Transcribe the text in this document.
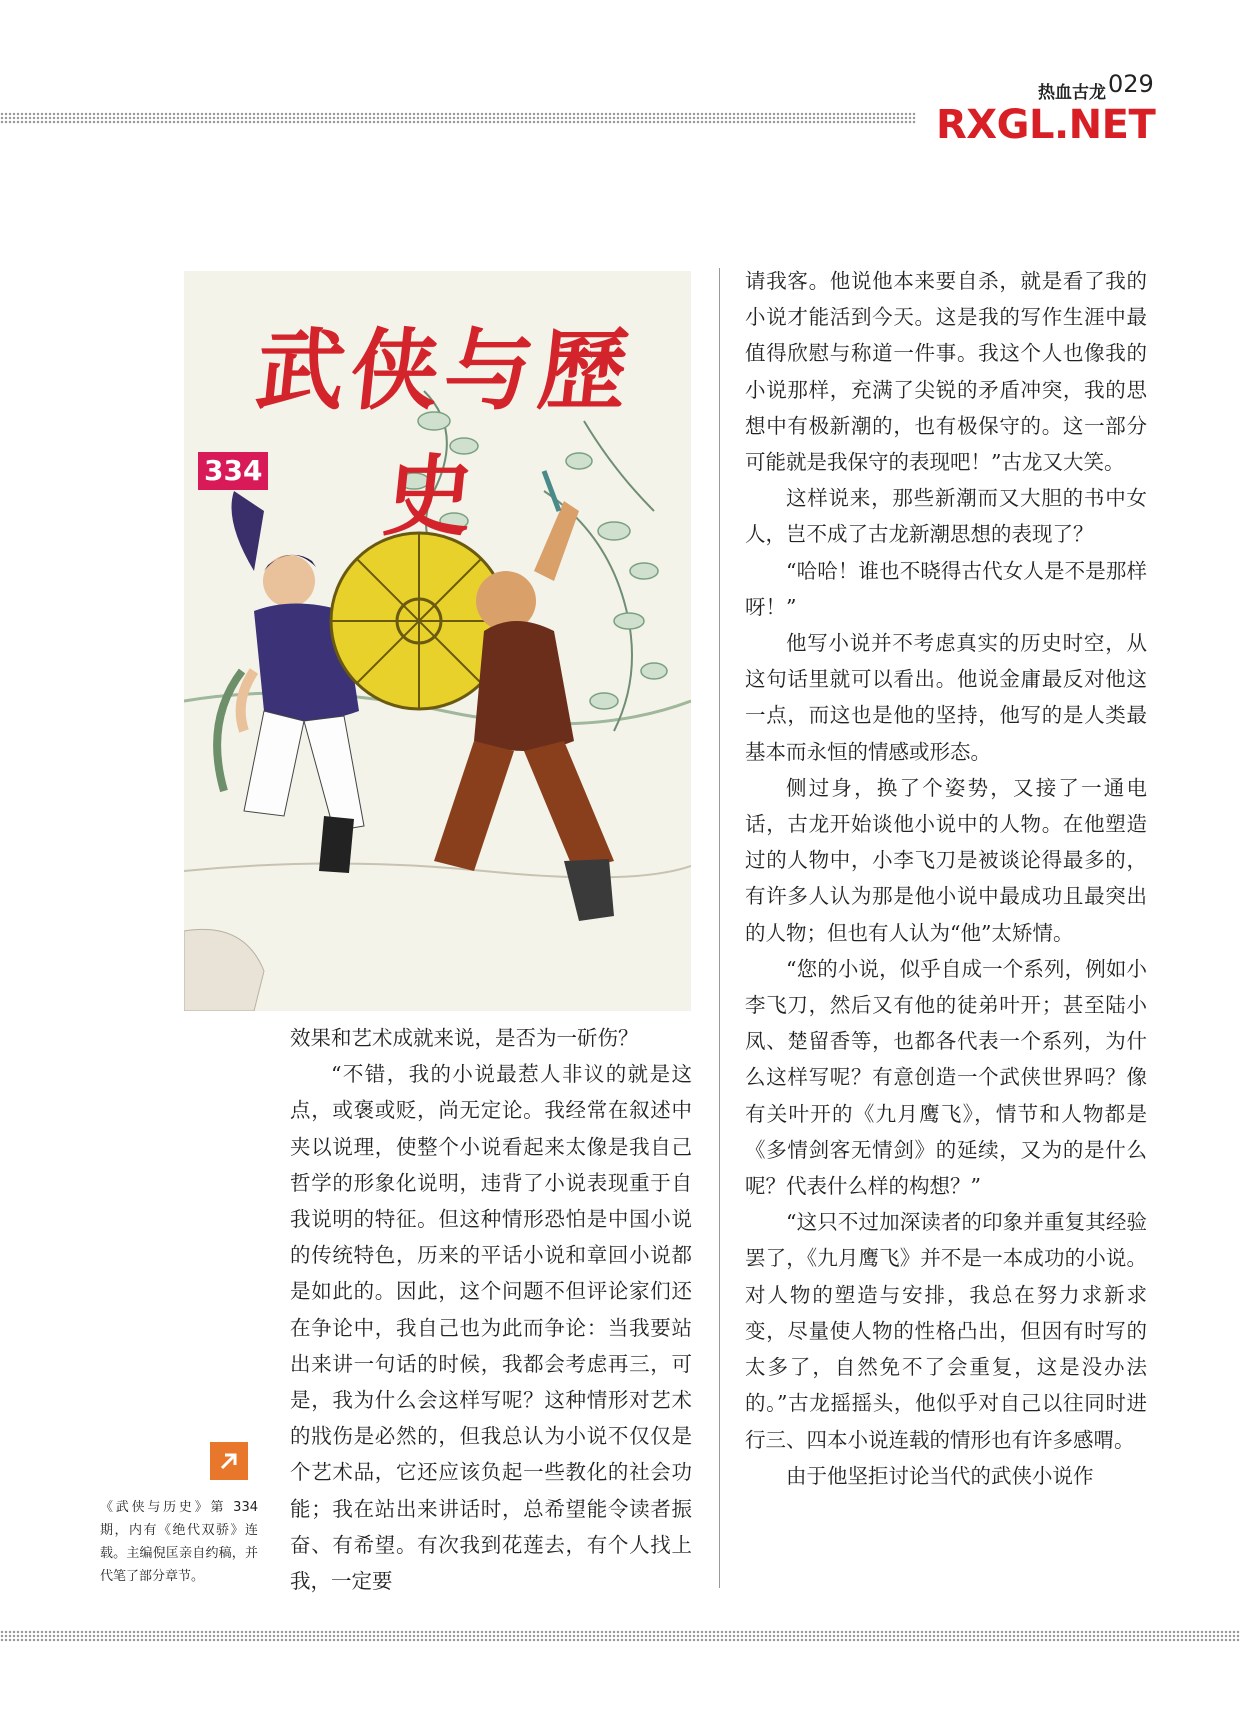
热血古龙 029
RXGL.NET
武侠与歷史
334

效果和艺术成就来说，是否为一斫伤？

“不错，我的小说最惹人非议的就是这点，或褒或贬，尚无定论。我经常在叙述中夹以说理，使整个小说看起来太像是我自己哲学的形象化说明，违背了小说表现重于自我说明的特征。但这种情形恐怕是中国小说的传统特色，历来的平话小说和章回小说都是如此的。因此，这个问题不但评论家们还在争论中，我自己也为此而争论：当我要站出来讲一句话的时候，我都会考虑再三，可是，我为什么会这样写呢？这种情形对艺术的戕伤是必然的，但我总认为小说不仅仅是个艺术品，它还应该负起一些教化的社会功能；我在站出来讲话时，总希望能令读者振奋、有希望。有次我到花莲去，有个人找上我，一定要

请我客。他说他本来要自杀，就是看了我的小说才能活到今天。这是我的写作生涯中最值得欣慰与称道一件事。我这个人也像我的小说那样，充满了尖锐的矛盾冲突，我的思想中有极新潮的，也有极保守的。这一部分可能就是我保守的表现吧！”古龙又大笑。

这样说来，那些新潮而又大胆的书中女人，岂不成了古龙新潮思想的表现了？

“哈哈！谁也不晓得古代女人是不是那样呀！”

他写小说并不考虑真实的历史时空，从这句话里就可以看出。他说金庸最反对他这一点，而这也是他的坚持，他写的是人类最基本而永恒的情感或形态。

侧过身，换了个姿势，又接了一通电话，古龙开始谈他小说中的人物。在他塑造过的人物中，小李飞刀是被谈论得最多的，有许多人认为那是他小说中最成功且最突出的人物；但也有人认为“他”太矫情。

“您的小说，似乎自成一个系列，例如小李飞刀，然后又有他的徒弟叶开；甚至陆小凤、楚留香等，也都各代表一个系列，为什么这样写呢？有意创造一个武侠世界吗？像有关叶开的《九月鹰飞》，情节和人物都是《多情剑客无情剑》的延续，又为的是什么呢？代表什么样的构想？”

“这只不过加深读者的印象并重复其经验罢了，《九月鹰飞》并不是一本成功的小说。对人物的塑造与安排，我总在努力求新求变，尽量使人物的性格凸出，但因有时写的太多了，自然免不了会重复，这是没办法的。”古龙摇摇头，他似乎对自己以往同时进行三、四本小说连载的情形也有许多感喟。

由于他坚拒讨论当代的武侠小说作

《武侠与历史》第 334 期，内有《绝代双骄》连载。主编倪匡亲自约稿，并代笔了部分章节。
